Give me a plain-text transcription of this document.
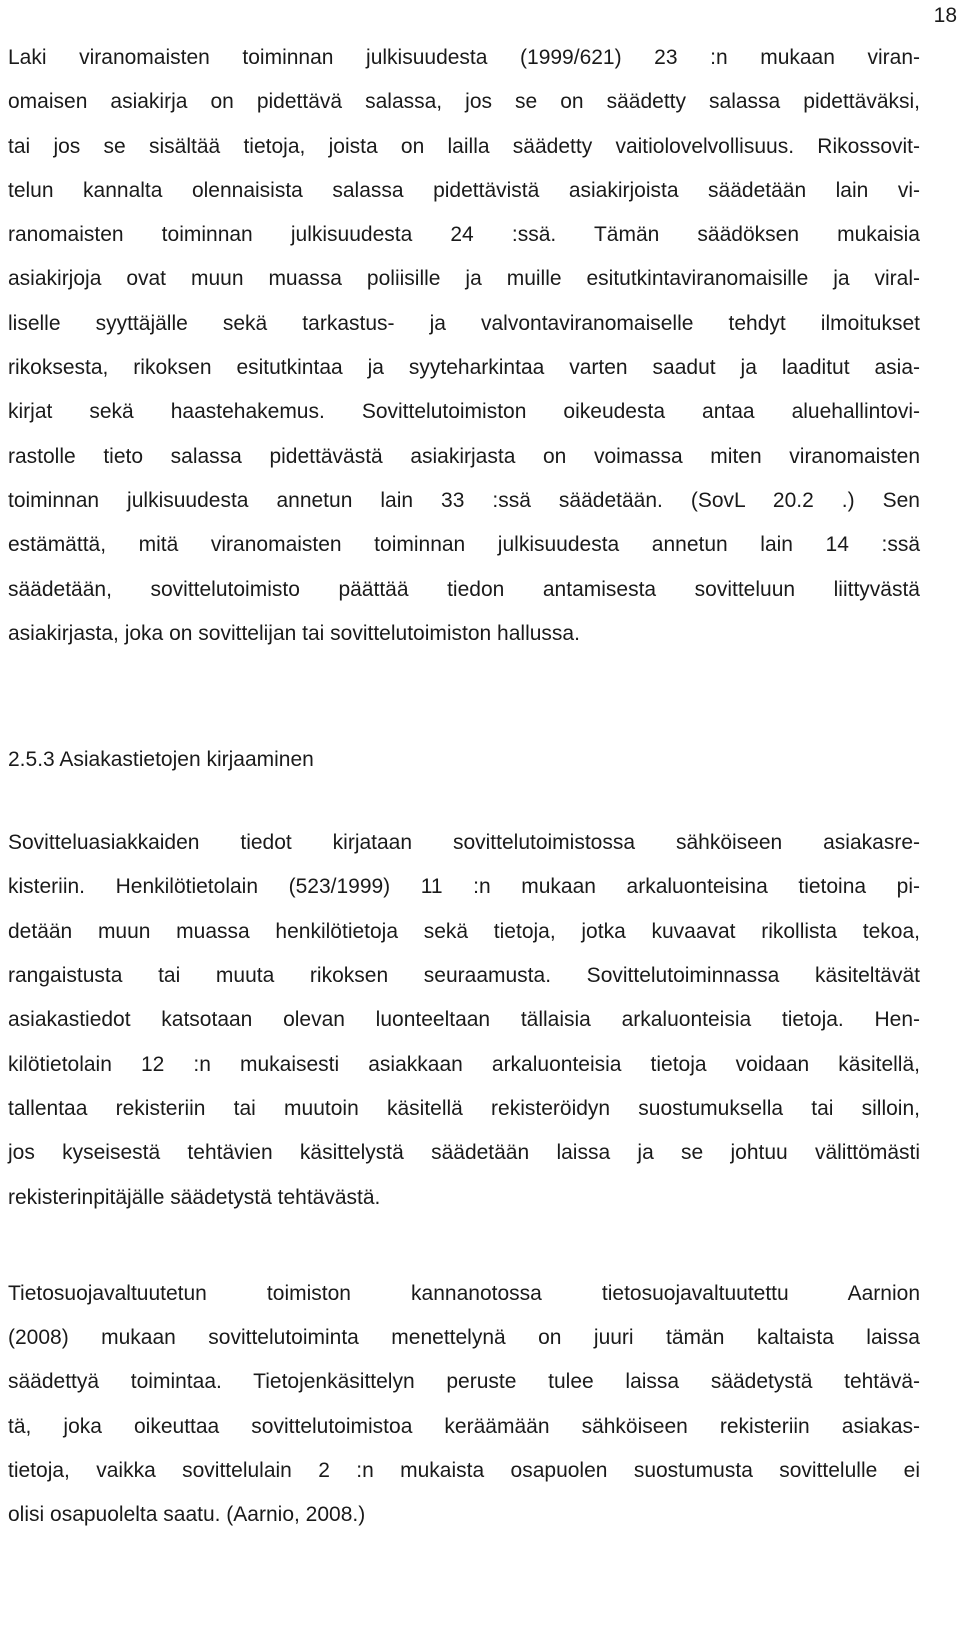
18
Laki viranomaisten toiminnan julkisuudesta (1999/621) 23 :n mukaan viran-
omaisen asiakirja on pidettävä salassa, jos se on säädetty salassa pidettäväksi,
tai jos se sisältää tietoja, joista on lailla säädetty vaitiolovelvollisuus. Rikossovit-
telun kannalta olennaisista salassa pidettävistä asiakirjoista säädetään lain vi-
ranomaisten toiminnan julkisuudesta 24 :ssä. Tämän säädöksen mukaisia
asiakirjoja ovat muun muassa poliisille ja muille esitutkintaviranomaisille ja viral-
liselle syyttäjälle sekä tarkastus- ja valvontaviranomaiselle tehdyt ilmoitukset
rikoksesta, rikoksen esitutkintaa ja syyteharkintaa varten saadut ja laaditut asia-
kirjat sekä haastehakemus. Sovittelutoimiston oikeudesta antaa aluehallintovi-
rastolle tieto salassa pidettävästä asiakirjasta on voimassa miten viranomaisten
toiminnan julkisuudesta annetun lain 33 :ssä säädetään. (SovL 20.2 .) Sen
estämättä, mitä viranomaisten toiminnan julkisuudesta annetun lain 14 :ssä
säädetään, sovittelutoimisto päättää tiedon antamisesta sovitteluun liittyvästä
asiakirjasta, joka on sovittelijan tai sovittelutoimiston hallussa.
2.5.3 Asiakastietojen kirjaaminen
Sovitteluasiakkaiden tiedot kirjataan sovittelutoimistossa sähköiseen asiakasre-
kisteriin. Henkilötietolain (523/1999) 11 :n mukaan arkaluonteisina tietoina pi-
detään muun muassa henkilötietoja sekä tietoja, jotka kuvaavat rikollista tekoa,
rangaistusta tai muuta rikoksen seuraamusta. Sovittelutoiminnassa käsiteltävät
asiakastiedot katsotaan olevan luonteeltaan tällaisia arkaluonteisia tietoja. Hen-
kilötietolain 12 :n mukaisesti asiakkaan arkaluonteisia tietoja voidaan käsitellä,
tallentaa rekisteriin tai muutoin käsitellä rekisteröidyn suostumuksella tai silloin,
jos kyseisestä tehtävien käsittelystä säädetään laissa ja se johtuu välittömästi
rekisterinpitäjälle säädetystä tehtävästä.
Tietosuojavaltuutetun toimiston kannanotossa tietosuojavaltuutettu Aarnion
(2008) mukaan sovittelutoiminta menettelynä on juuri tämän kaltaista laissa
säädettyä toimintaa. Tietojenkäsittelyn peruste tulee laissa säädetystä tehtävä-
tä, joka oikeuttaa sovittelutoimistoa keräämään sähköiseen rekisteriin asiakas-
tietoja, vaikka sovittelulain 2 :n mukaista osapuolen suostumusta sovittelulle ei
olisi osapuolelta saatu. (Aarnio, 2008.)
